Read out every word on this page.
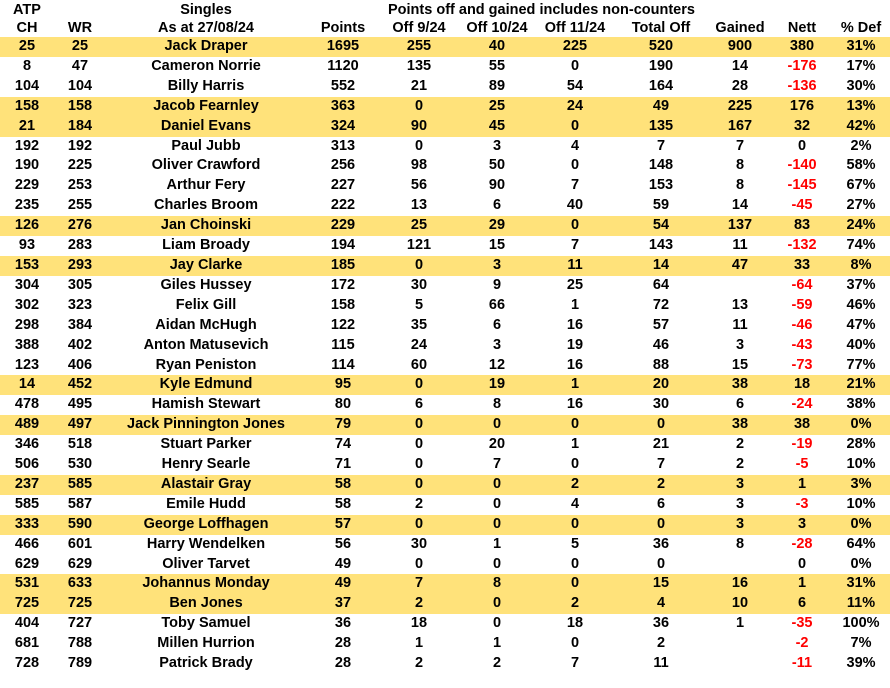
ATP		Singles		Points off and gained includes non-counters						
CH	WR	As at 27/08/24	Points	Off 9/24	Off 10/24	Off 11/24	Total Off	Gained	Nett	% Def
25	25	Jack Draper	1695	255	40	225	520	900	380	31%
8	47	Cameron Norrie	1120	135	55	0	190	14	-176	17%
104	104	Billy Harris	552	21	89	54	164	28	-136	30%
158	158	Jacob Fearnley	363	0	25	24	49	225	176	13%
21	184	Daniel Evans	324	90	45	0	135	167	32	42%
192	192	Paul Jubb	313	0	3	4	7	7	0	2%
190	225	Oliver Crawford	256	98	50	0	148	8	-140	58%
229	253	Arthur Fery	227	56	90	7	153	8	-145	67%
235	255	Charles Broom	222	13	6	40	59	14	-45	27%
126	276	Jan Choinski	229	25	29	0	54	137	83	24%
93	283	Liam Broady	194	121	15	7	143	11	-132	74%
153	293	Jay Clarke	185	0	3	11	14	47	33	8%
304	305	Giles Hussey	172	30	9	25	64		-64	37%
302	323	Felix Gill	158	5	66	1	72	13	-59	46%
298	384	Aidan McHugh	122	35	6	16	57	11	-46	47%
388	402	Anton Matusevich	115	24	3	19	46	3	-43	40%
123	406	Ryan Peniston	114	60	12	16	88	15	-73	77%
14	452	Kyle Edmund	95	0	19	1	20	38	18	21%
478	495	Hamish Stewart	80	6	8	16	30	6	-24	38%
489	497	Jack Pinnington Jones	79	0	0	0	0	38	38	0%
346	518	Stuart Parker	74	0	20	1	21	2	-19	28%
506	530	Henry Searle	71	0	7	0	7	2	-5	10%
237	585	Alastair Gray	58	0	0	2	2	3	1	3%
585	587	Emile Hudd	58	2	0	4	6	3	-3	10%
333	590	George Loffhagen	57	0	0	0	0	3	3	0%
466	601	Harry Wendelken	56	30	1	5	36	8	-28	64%
629	629	Oliver Tarvet	49	0	0	0	0		0	0%
531	633	Johannus Monday	49	7	8	0	15	16	1	31%
725	725	Ben Jones	37	2	0	2	4	10	6	11%
404	727	Toby Samuel	36	18	0	18	36	1	-35	100%
681	788	Millen Hurrion	28	1	1	0	2		-2	7%
728	789	Patrick Brady	28	2	2	7	11		-11	39%
